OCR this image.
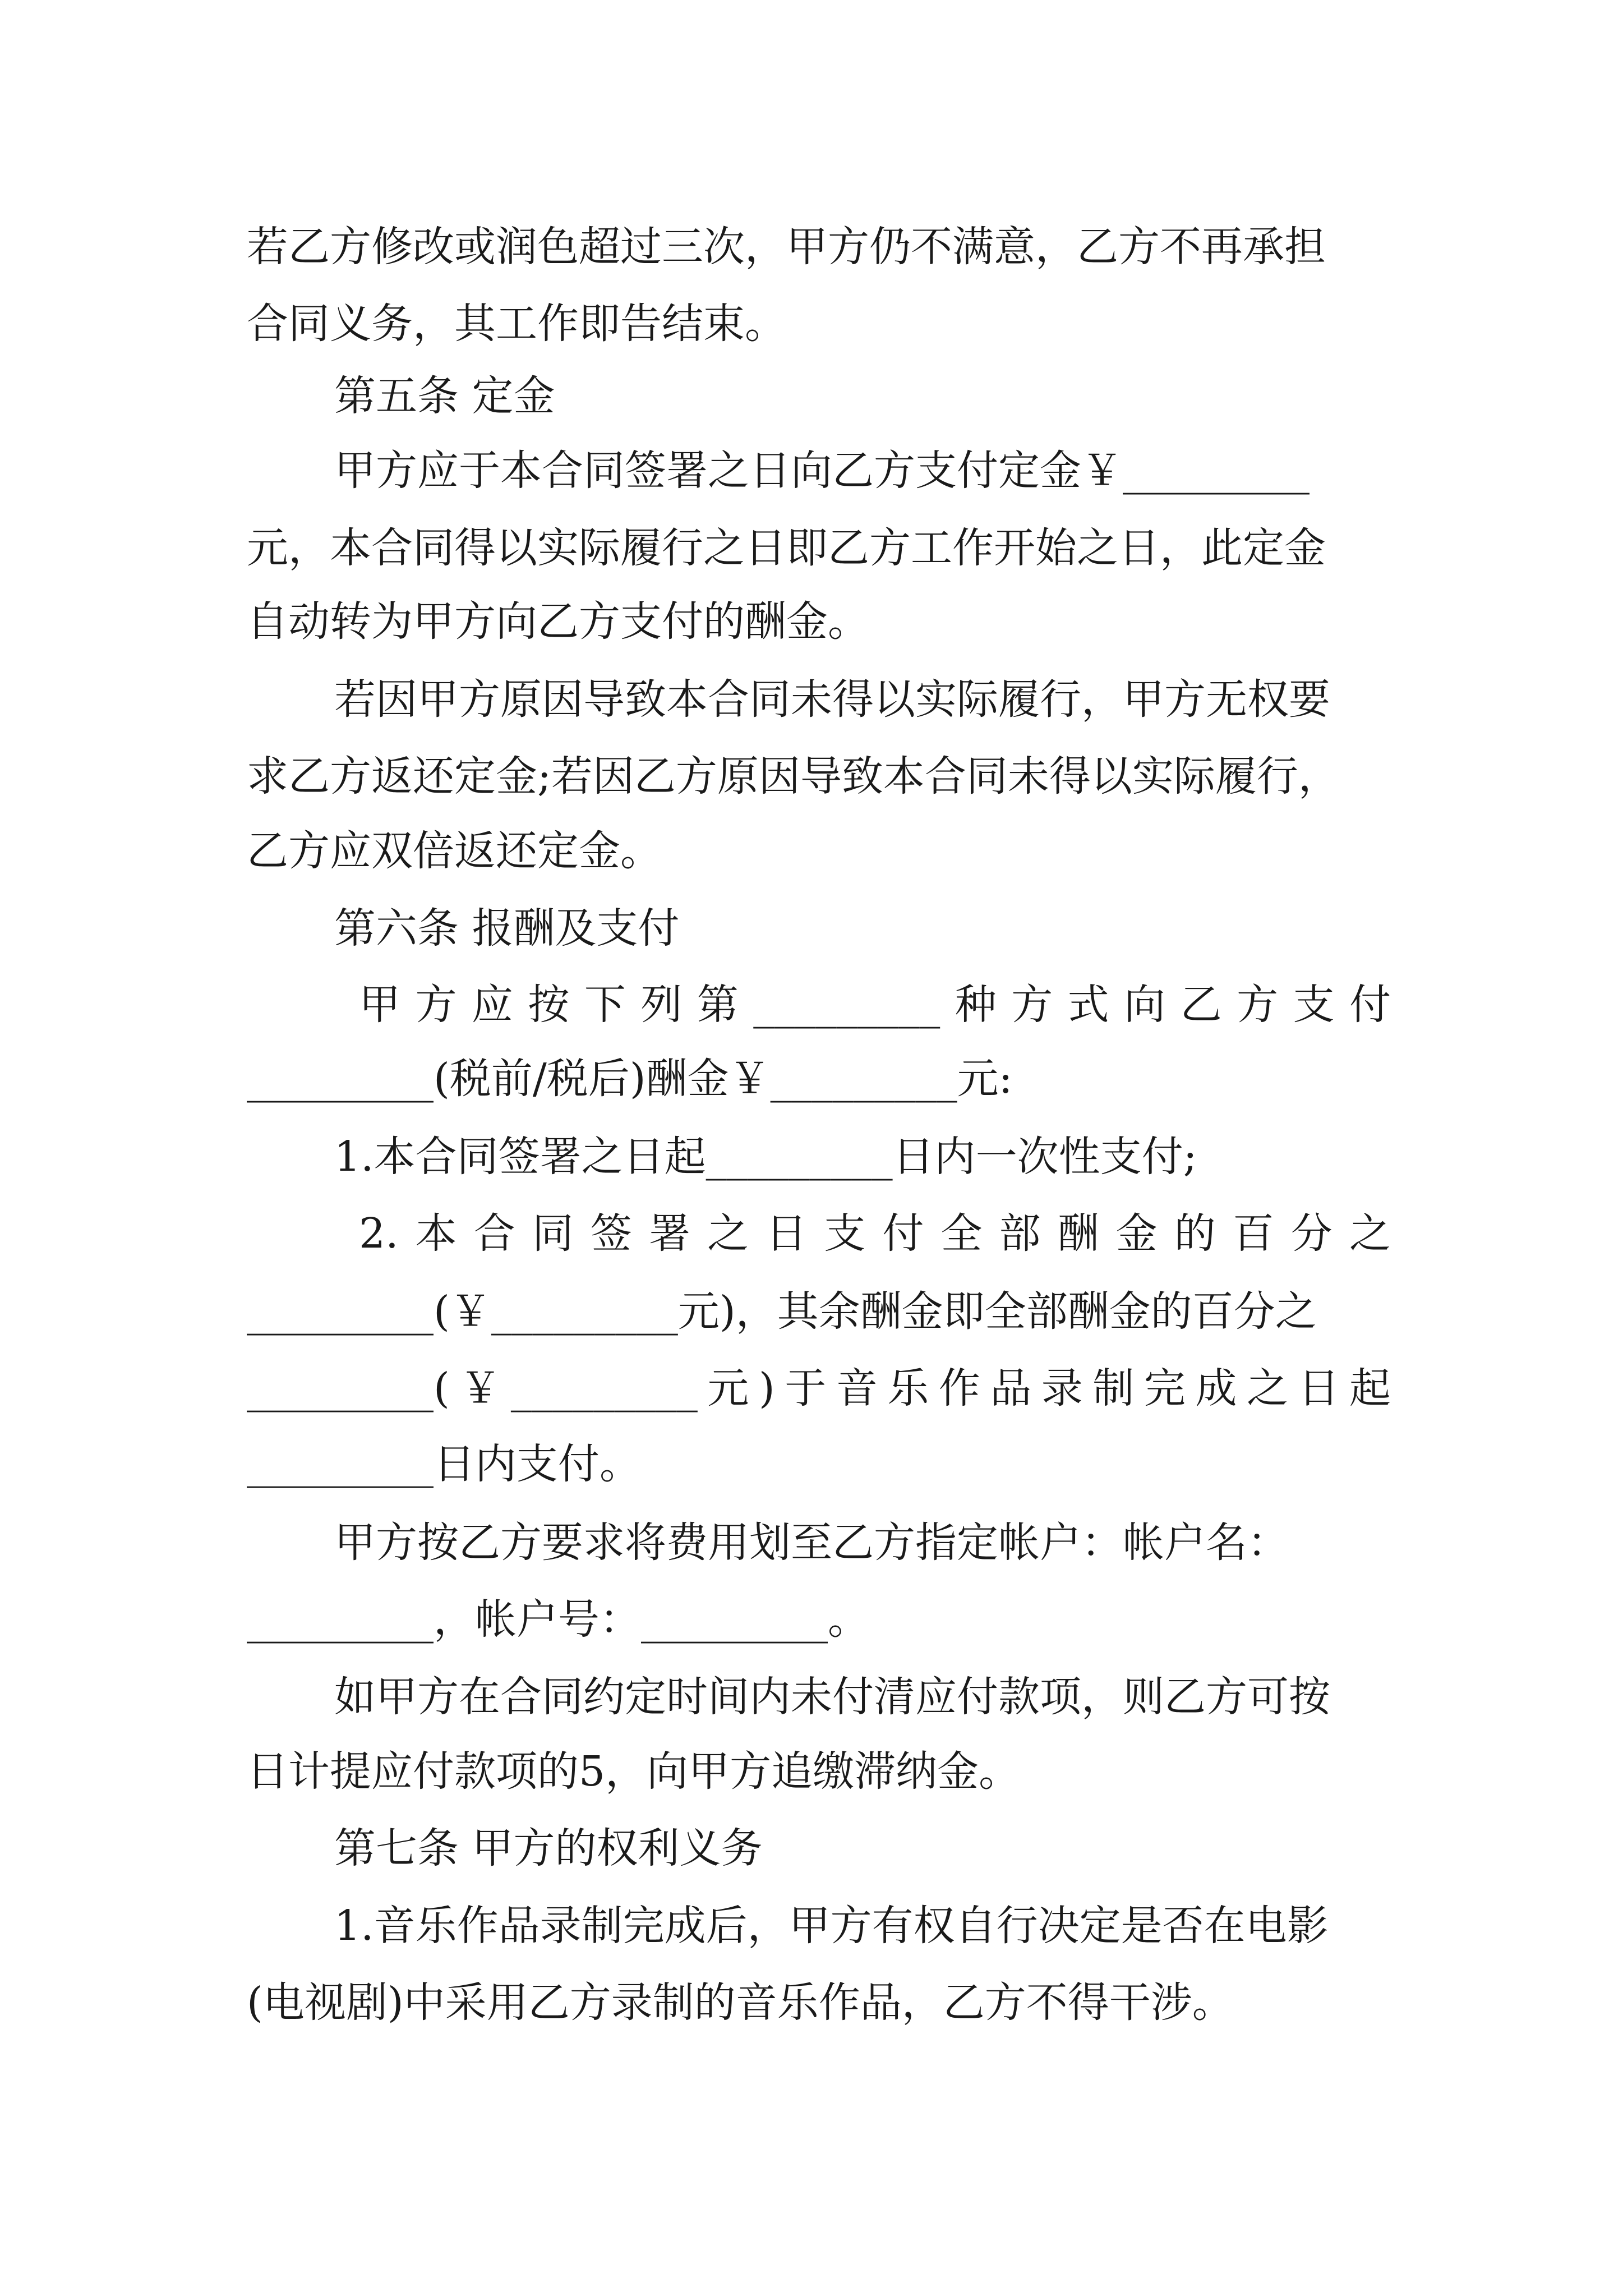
若乙方修改或润色超过三次，甲方仍不满意，乙方不再承担
合同义务，其工作即告结束。
第五条 定金
甲方应于本合同签署之日向乙方支付定金￥_________
元，本合同得以实际履行之日即乙方工作开始之日，此定金
自动转为甲方向乙方支付的酬金。
若因甲方原因导致本合同未得以实际履行，甲方无权要
求乙方返还定金;若因乙方原因导致本合同未得以实际履行，
乙方应双倍返还定金。
第六条 报酬及支付
甲方应按下列第_________种方式向乙方支付
_________(税前/税后)酬金￥_________元:
1.本合同签署之日起_________日内一次性支付;
2.本合同签署之日支付全部酬金的百分之
_________(￥_________元)，其余酬金即全部酬金的百分之
_________(￥_________元)于音乐作品录制完成之日起
_________日内支付。
甲方按乙方要求将费用划至乙方指定帐户：帐户名：
_________，帐户号：_________。
如甲方在合同约定时间内未付清应付款项，则乙方可按
日计提应付款项的5，向甲方追缴滞纳金。
第七条 甲方的权利义务
1.音乐作品录制完成后，甲方有权自行决定是否在电影
(电视剧)中采用乙方录制的音乐作品，乙方不得干涉。
